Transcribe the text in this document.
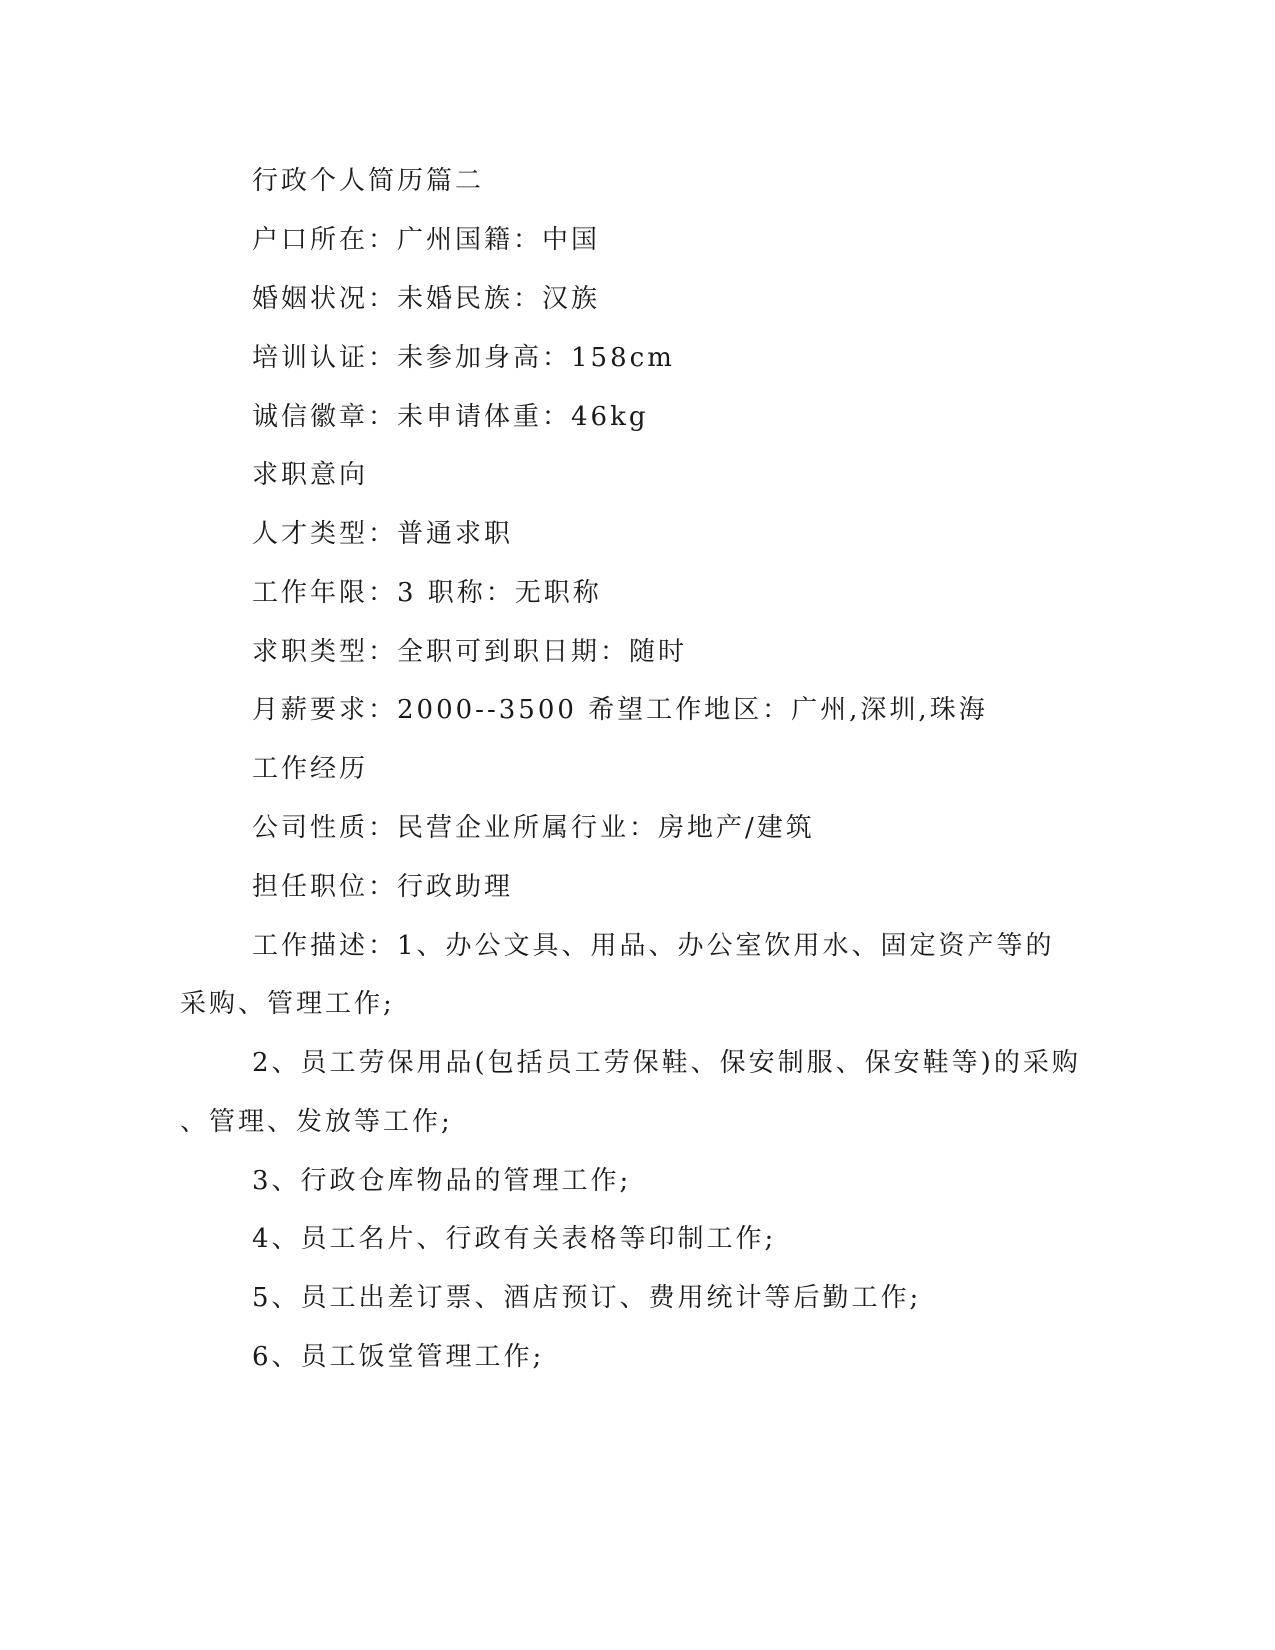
行政个人简历篇二
户口所在：广州国籍：中国
婚姻状况：未婚民族：汉族
培训认证：未参加身高：158cm
诚信徽章：未申请体重：46kg
求职意向
人才类型：普通求职
工作年限：3 职称：无职称
求职类型：全职可到职日期：随时
月薪要求：2000--3500 希望工作地区：广州,深圳,珠海
工作经历
公司性质：民营企业所属行业：房地产/建筑
担任职位：行政助理
工作描述：1、办公文具、用品、办公室饮用水、固定资产等的
采购、管理工作;
2、员工劳保用品(包括员工劳保鞋、保安制服、保安鞋等)的采购
、管理、发放等工作;
3、行政仓库物品的管理工作;
4、员工名片、行政有关表格等印制工作;
5、员工出差订票、酒店预订、费用统计等后勤工作;
6、员工饭堂管理工作;
